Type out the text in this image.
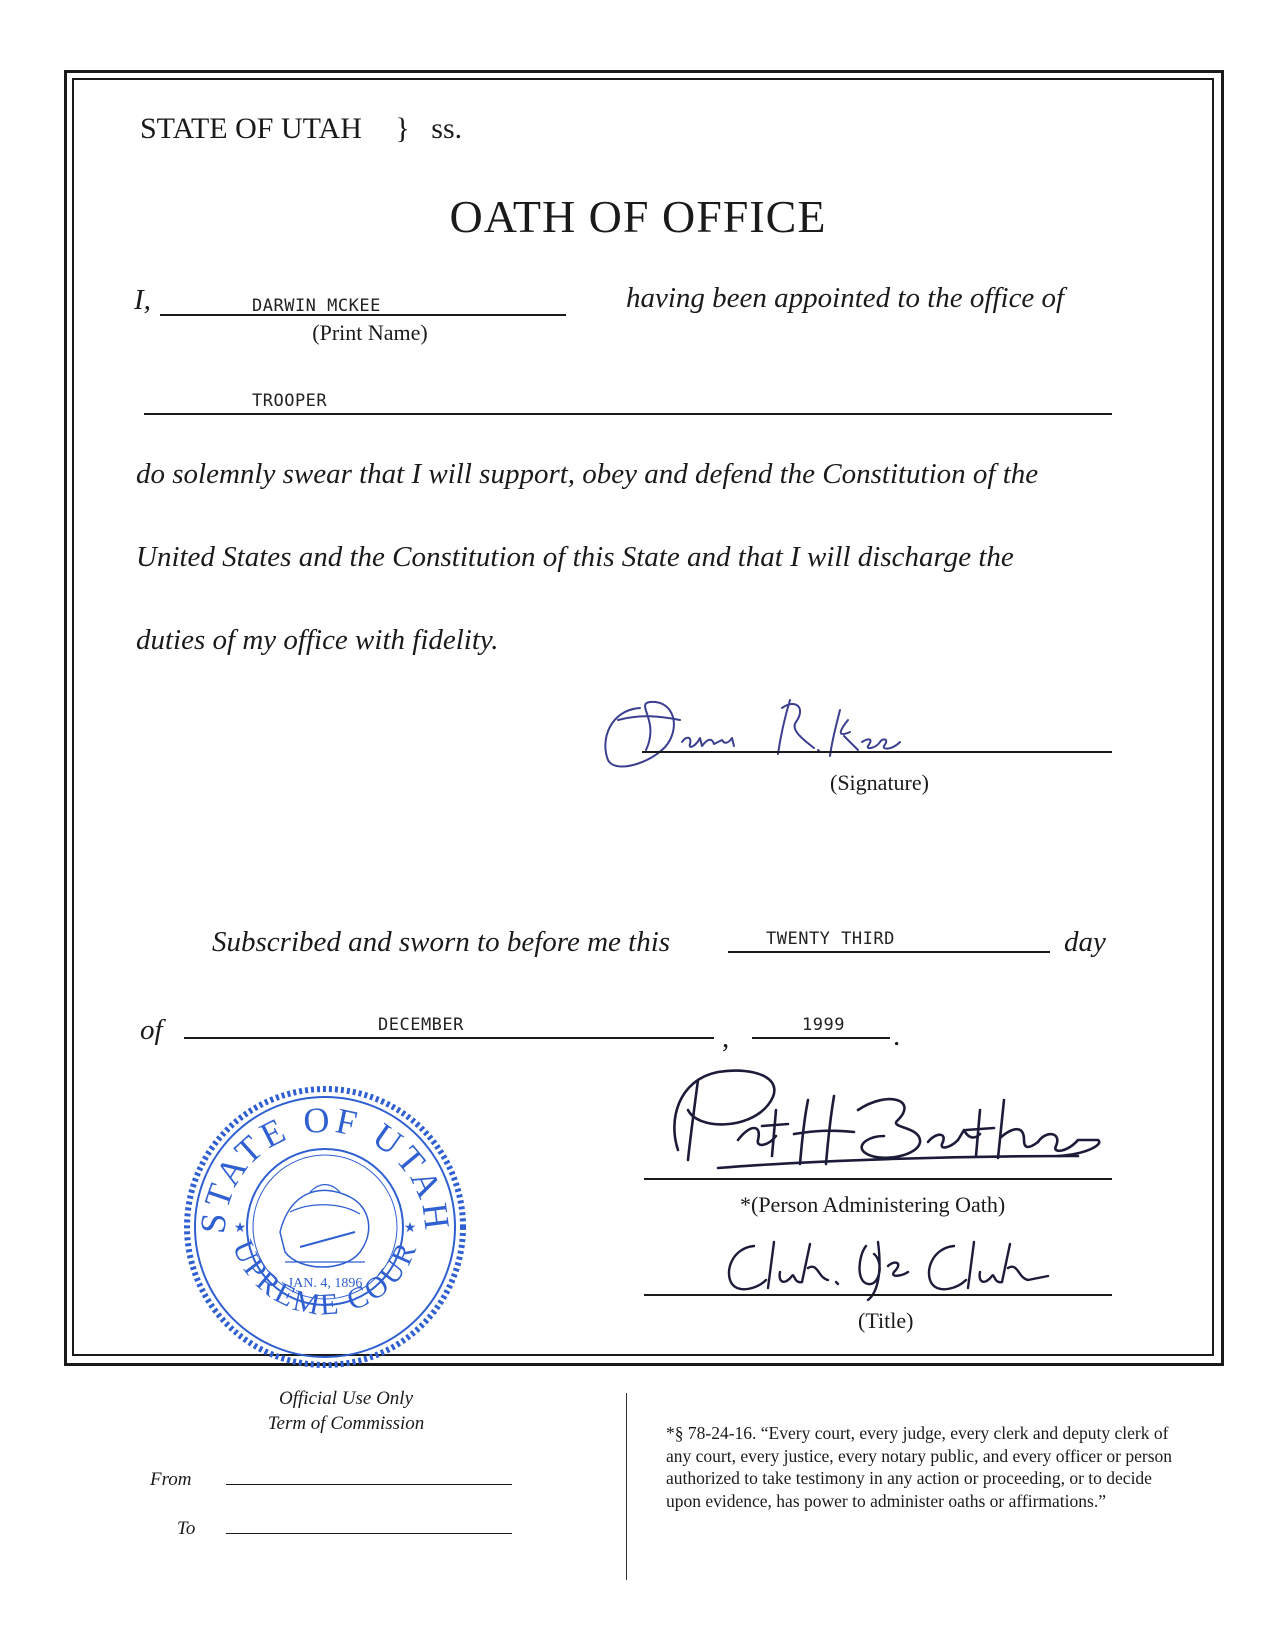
STATE OF UTAH } ss.
OATH OF OFFICE
I,	DARWIN MCKEE
(Print Name)
having been appointed to the office of
TROOPER
do solemnly swear that I will support, obey and defend the Constitution of the
United States and the Constitution of this State and that I will discharge the
duties of my office with fidelity.
(Signature)
Subscribed and sworn to before me this	TWENTY THIRD	day
of	DECEMBER	,	1999 .
STATE OF UTAH
UPREME COUR
JAN. 4, 1896
★	★
*(Person Administering Oath)
(Title)
Official Use Only
Term of Commission
From
To
*§ 78-24-16. “Every court, every judge, every clerk and deputy clerk of any court, every justice, every notary public, and every officer or person authorized to take testimony in any action or proceeding, or to decide upon evidence, has power to administer oaths or affirmations.”
